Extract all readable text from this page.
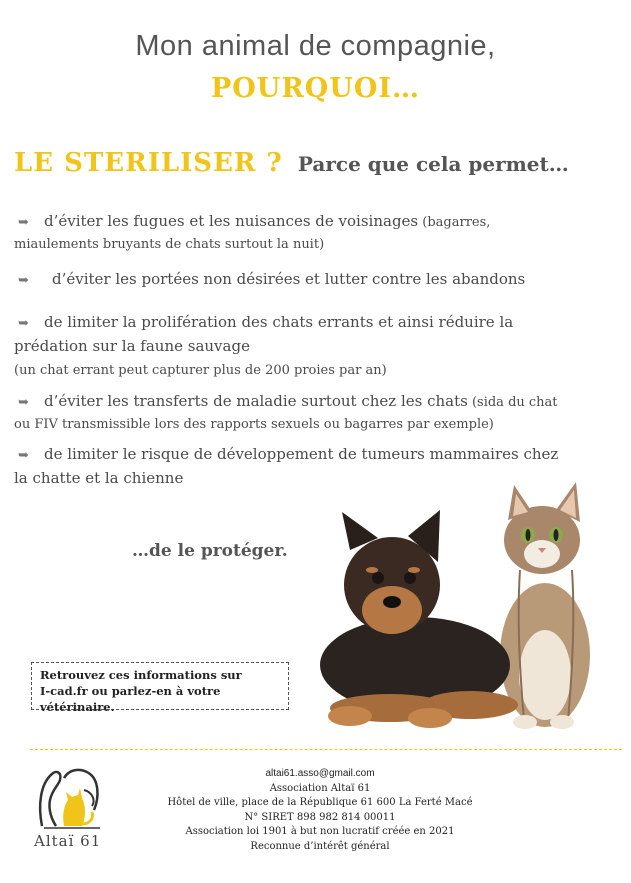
Mon animal de compagnie,
POURQUOI…
LE STERILISER ? Parce que cela permet…
➥ d’éviter les fugues et les nuisances de voisinages (bagarres,
miaulements bruyants de chats surtout la nuit)
➥ d’éviter les portées non désirées et lutter contre les abandons
➥ de limiter la prolifération des chats errants et ainsi réduire la
prédation sur la faune sauvage
(un chat errant peut capturer plus de 200 proies par an)
➥ d’éviter les transferts de maladie surtout chez les chats (sida du chat
ou FIV transmissible lors des rapports sexuels ou bagarres par exemple)
➥ de limiter le risque de développement de tumeurs mammaires chez
la chatte et la chienne
…de le protéger.
Retrouvez ces informations sur
I-cad.fr ou parlez-en à votre vétérinaire.
Altaï 61
altai61.asso@gmail.com
Association Altaï 61
Hôtel de ville, place de la République 61 600 La Ferté Macé
N° SIRET 898 982 814 00011
Association loi 1901 à but non lucratif créée en 2021
Reconnue d’intérêt général
